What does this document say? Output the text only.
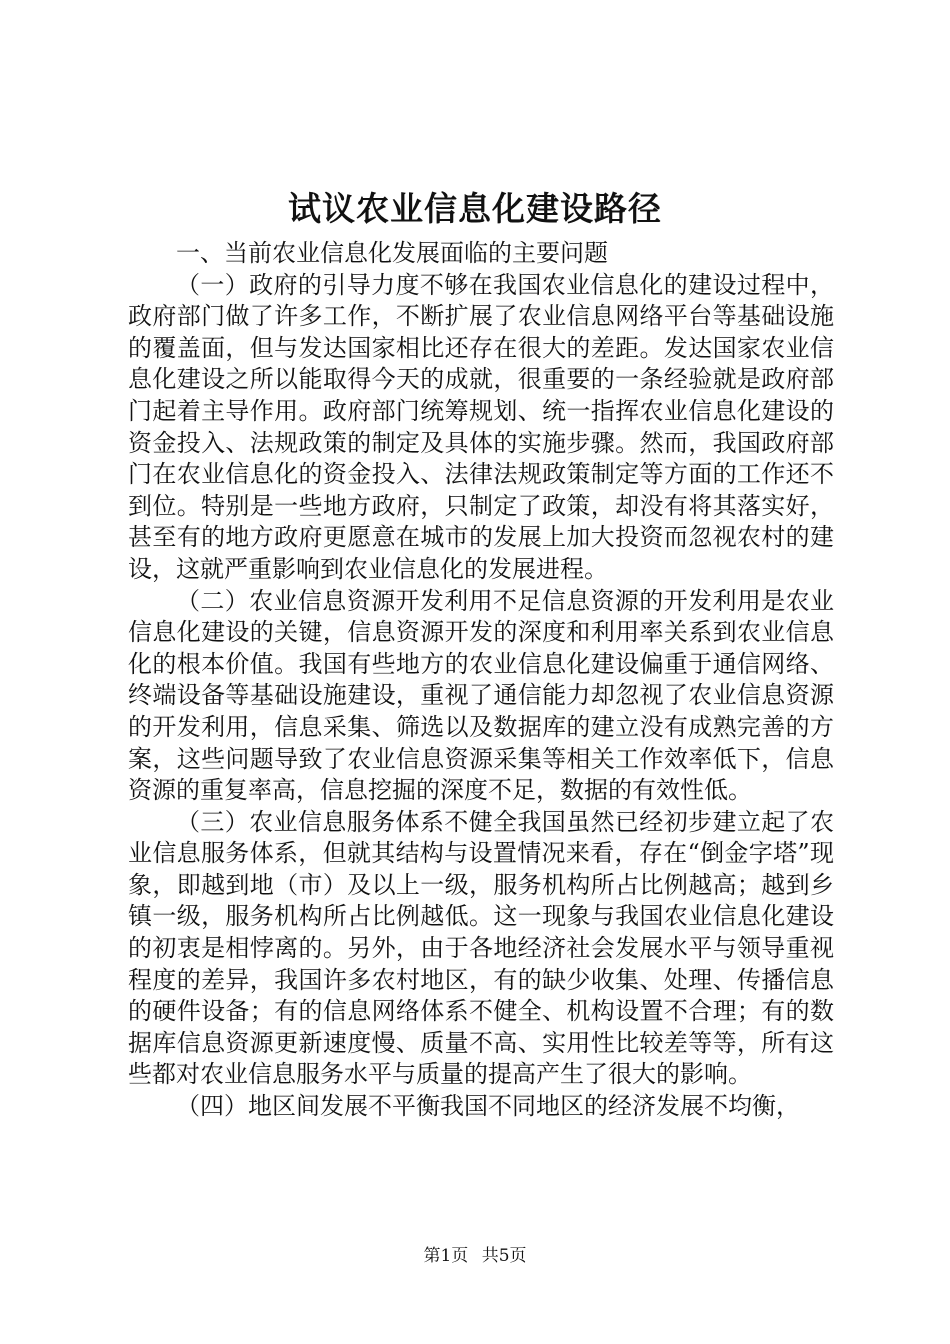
试议农业信息化建设路径

一、当前农业信息化发展面临的主要问题

（一）政府的引导力度不够在我国农业信息化的建设过程中，政府部门做了许多工作，不断扩展了农业信息网络平台等基础设施的覆盖面，但与发达国家相比还存在很大的差距。发达国家农业信息化建设之所以能取得今天的成就，很重要的一条经验就是政府部门起着主导作用。政府部门统筹规划、统一指挥农业信息化建设的资金投入、法规政策的制定及具体的实施步骤。然而，我国政府部门在农业信息化的资金投入、法律法规政策制定等方面的工作还不到位。特别是一些地方政府，只制定了政策，却没有将其落实好，甚至有的地方政府更愿意在城市的发展上加大投资而忽视农村的建设，这就严重影响到农业信息化的发展进程。

（二）农业信息资源开发利用不足信息资源的开发利用是农业信息化建设的关键，信息资源开发的深度和利用率关系到农业信息化的根本价值。我国有些地方的农业信息化建设偏重于通信网络、终端设备等基础设施建设，重视了通信能力却忽视了农业信息资源的开发利用，信息采集、筛选以及数据库的建立没有成熟完善的方案，这些问题导致了农业信息资源采集等相关工作效率低下，信息资源的重复率高，信息挖掘的深度不足，数据的有效性低。

（三）农业信息服务体系不健全我国虽然已经初步建立起了农业信息服务体系，但就其结构与设置情况来看，存在“倒金字塔”现象，即越到地（市）及以上一级，服务机构所占比例越高；越到乡镇一级，服务机构所占比例越低。这一现象与我国农业信息化建设的初衷是相悖离的。另外，由于各地经济社会发展水平与领导重视程度的差异，我国许多农村地区，有的缺少收集、处理、传播信息的硬件设备；有的信息网络体系不健全、机构设置不合理；有的数据库信息资源更新速度慢、质量不高、实用性比较差等等，所有这些都对农业信息服务水平与质量的提高产生了很大的影响。

（四）地区间发展不平衡我国不同地区的经济发展不均衡，

第1页 共5页
